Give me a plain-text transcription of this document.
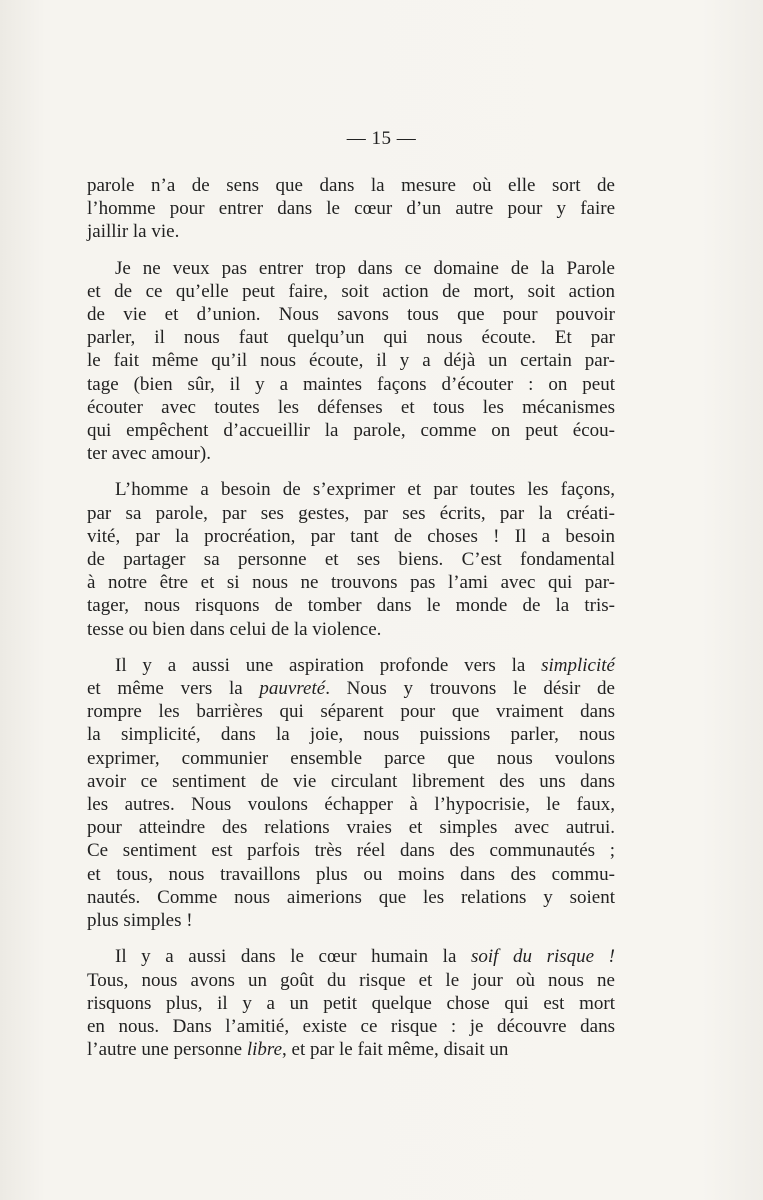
— 15 —

parole n’a de sens que dans la mesure où elle sort de
l’homme pour entrer dans le cœur d’un autre pour y faire
jaillir la vie.

Je ne veux pas entrer trop dans ce domaine de la Parole
et de ce qu’elle peut faire, soit action de mort, soit action
de vie et d’union. Nous savons tous que pour pouvoir
parler, il nous faut quelqu’un qui nous écoute. Et par
le fait même qu’il nous écoute, il y a déjà un certain par-
tage (bien sûr, il y a maintes façons d’écouter : on peut
écouter avec toutes les défenses et tous les mécanismes
qui empêchent d’accueillir la parole, comme on peut écou-
ter avec amour).

L’homme a besoin de s’exprimer et par toutes les façons,
par sa parole, par ses gestes, par ses écrits, par la créati-
vité, par la procréation, par tant de choses ! Il a besoin
de partager sa personne et ses biens. C’est fondamental
à notre être et si nous ne trouvons pas l’ami avec qui par-
tager, nous risquons de tomber dans le monde de la tris-
tesse ou bien dans celui de la violence.

Il y a aussi une aspiration profonde vers la simplicité
et même vers la pauvreté. Nous y trouvons le désir de
rompre les barrières qui séparent pour que vraiment dans
la simplicité, dans la joie, nous puissions parler, nous
exprimer, communier ensemble parce que nous voulons
avoir ce sentiment de vie circulant librement des uns dans
les autres. Nous voulons échapper à l’hypocrisie, le faux,
pour atteindre des relations vraies et simples avec autrui.
Ce sentiment est parfois très réel dans des communautés ;
et tous, nous travaillons plus ou moins dans des commu-
nautés. Comme nous aimerions que les relations y soient
plus simples !

Il y a aussi dans le cœur humain la soif du risque !
Tous, nous avons un goût du risque et le jour où nous ne
risquons plus, il y a un petit quelque chose qui est mort
en nous. Dans l’amitié, existe ce risque : je découvre dans
l’autre une personne libre, et par le fait même, disait un
